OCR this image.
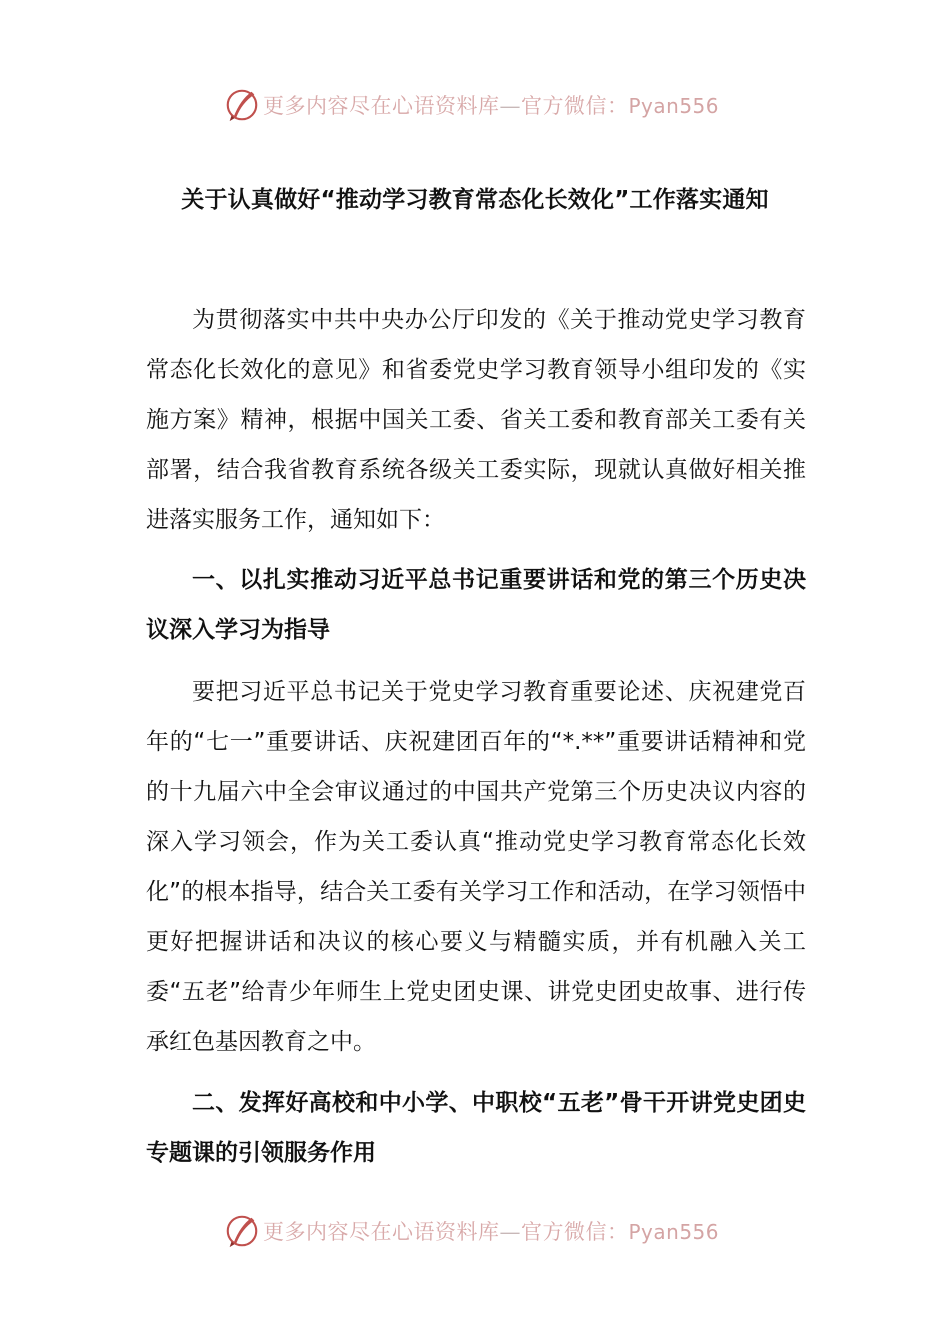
更多内容尽在心语资料库—官方微信：Pyan556
关于认真做好“推动学习教育常态化长效化”工作落实通知

为贯彻落实中共中央办公厅印发的《关于推动党史学习教育常态化长效化的意见》和省委党史学习教育领导小组印发的《实施方案》精神，根据中国关工委、省关工委和教育部关工委有关部署，结合我省教育系统各级关工委实际，现就认真做好相关推进落实服务工作，通知如下：

一、以扎实推动习近平总书记重要讲话和党的第三个历史决议深入学习为指导

要把习近平总书记关于党史学习教育重要论述、庆祝建党百年的“七一”重要讲话、庆祝建团百年的“*.**”重要讲话精神和党的十九届六中全会审议通过的中国共产党第三个历史决议内容的深入学习领会，作为关工委认真“推动党史学习教育常态化长效化”的根本指导，结合关工委有关学习工作和活动，在学习领悟中更好把握讲话和决议的核心要义与精髓实质，并有机融入关工委“五老”给青少年师生上党史团史课、讲党史团史故事、进行传承红色基因教育之中。

二、发挥好高校和中小学、中职校“五老”骨干开讲党史团史专题课的引领服务作用

更多内容尽在心语资料库—官方微信：Pyan556
